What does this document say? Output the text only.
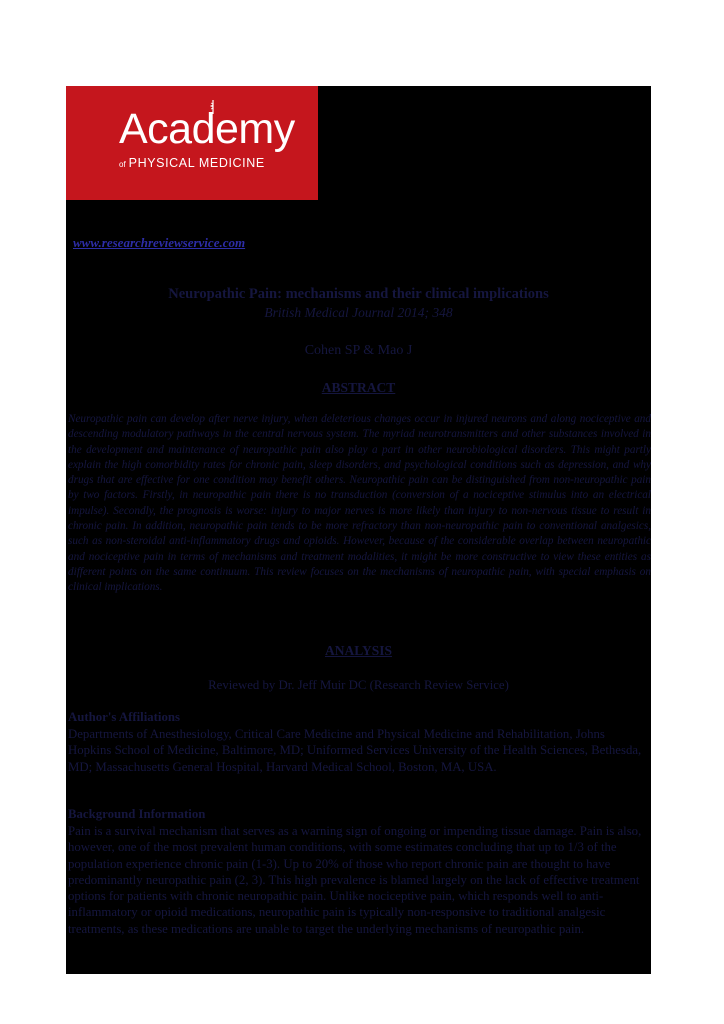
Academy
of PHYSICAL MEDICINE
www.researchreviewservice.com
Neuropathic Pain: mechanisms and their clinical implications
British Medical Journal 2014; 348
Cohen SP & Mao J
ABSTRACT

Neuropathic pain can develop after nerve injury, when deleterious changes occur in injured neurons and along nociceptive and descending modulatory pathways in the central nervous system. The myriad neurotransmitters and other substances involved in the development and maintenance of neuropathic pain also play a part in other neurobiological disorders. This might partly explain the high comorbidity rates for chronic pain, sleep disorders, and psychological conditions such as depression, and why drugs that are effective for one condition may benefit others. Neuropathic pain can be distinguished from non-neuropathic pain by two factors. Firstly, in neuropathic pain there is no transduction (conversion of a nociceptive stimulus into an electrical impulse). Secondly, the prognosis is worse: injury to major nerves is more likely than injury to non-nervous tissue to result in chronic pain. In addition, neuropathic pain tends to be more refractory than non-neuropathic pain to conventional analgesics, such as non-steroidal anti-inflammatory drugs and opioids. However, because of the considerable overlap between neuropathic and nociceptive pain in terms of mechanisms and treatment modalities, it might be more constructive to view these entities as different points on the same continuum. This review focuses on the mechanisms of neuropathic pain, with special emphasis on clinical implications.

ANALYSIS
Reviewed by Dr. Jeff Muir DC (Research Review Service)
Author's Affiliations

Departments of Anesthesiology, Critical Care Medicine and Physical Medicine and Rehabilitation, Johns Hopkins School of Medicine, Baltimore, MD; Uniformed Services University of the Health Sciences, Bethesda, MD; Massachusetts General Hospital, Harvard Medical School, Boston, MA, USA.

Background Information

Pain is a survival mechanism that serves as a warning sign of ongoing or impending tissue damage. Pain is also, however, one of the most prevalent human conditions, with some estimates concluding that up to 1/3 of the population experience chronic pain (1-3). Up to 20% of those who report chronic pain are thought to have predominantly neuropathic pain (2, 3). This high prevalence is blamed largely on the lack of effective treatment options for patients with chronic neuropathic pain. Unlike nociceptive pain, which responds well to anti-inflammatory or opioid medications, neuropathic pain is typically non-responsive to traditional analgesic treatments, as these medications are unable to target the underlying mechanisms of neuropathic pain.
